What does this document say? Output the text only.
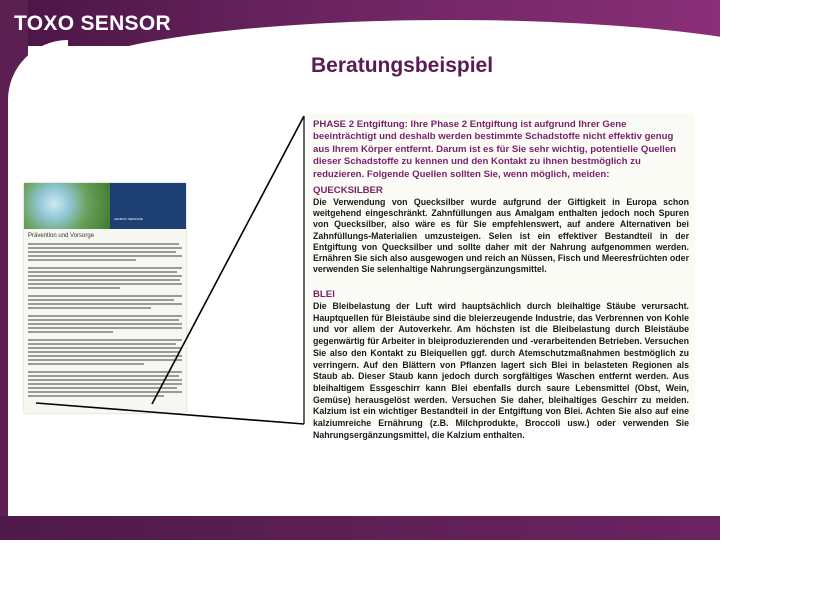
TOXO SENSOR
Beratungsbeispiel
GENETIC MEDICINE
Prävention und Vorsorge
PHASE 2 Entgiftung: Ihre Phase 2 Entgiftung ist aufgrund Ihrer Gene beeinträchtigt und deshalb werden bestimmte Schadstoffe nicht effektiv genug aus Ihrem Körper entfernt. Darum ist es für Sie sehr wichtig, potentielle Quellen dieser Schadstoffe zu kennen und den Kontakt zu ihnen bestmöglich zu reduzieren. Folgende Quellen sollten Sie, wenn möglich, meiden:
QUECKSILBER
Die Verwendung von Quecksilber wurde aufgrund der Giftigkeit in Europa schon weitgehend eingeschränkt. Zahnfüllungen aus Amalgam enthalten jedoch noch Spuren von Quecksilber, also wäre es für Sie empfehlenswert, auf andere Alternativen bei Zahnfüllungs-Materialien umzusteigen. Selen ist ein effektiver Bestandteil in der Entgiftung von Quecksilber und sollte daher mit der Nahrung aufgenommen werden. Ernähren Sie sich also ausgewogen und reich an Nüssen, Fisch und Meeresfrüchten oder verwenden Sie selenhaltige Nahrungsergänzungsmittel.
BLEI
Die Bleibelastung der Luft wird hauptsächlich durch bleihaltige Stäube verursacht. Hauptquellen für Bleistäube sind die bleierzeugende Industrie, das Verbrennen von Kohle und vor allem der Autoverkehr. Am höchsten ist die Bleibelastung durch Bleistäube gegenwärtig für Arbeiter in bleiproduzierenden und -verarbeitenden Betrieben. Versuchen Sie also den Kontakt zu Bleiquellen ggf. durch Atemschutzmaßnahmen bestmöglich zu verringern. Auf den Blättern von Pflanzen lagert sich Blei in belasteten Regionen als Staub ab. Dieser Staub kann jedoch durch sorgfältiges Waschen entfernt werden. Aus bleihaltigem Essgeschirr kann Blei ebenfalls durch saure Lebensmittel (Obst, Wein, Gemüse) herausgelöst werden. Versuchen Sie daher, bleihaltiges Geschirr zu meiden. Kalzium ist ein wichtiger Bestandteil in der Entgiftung von Blei. Achten Sie also auf eine kalziumreiche Ernährung (z.B. Milchprodukte, Broccoli usw.) oder verwenden Sie Nahrungsergänzungsmittel, die Kalzium enthalten.
